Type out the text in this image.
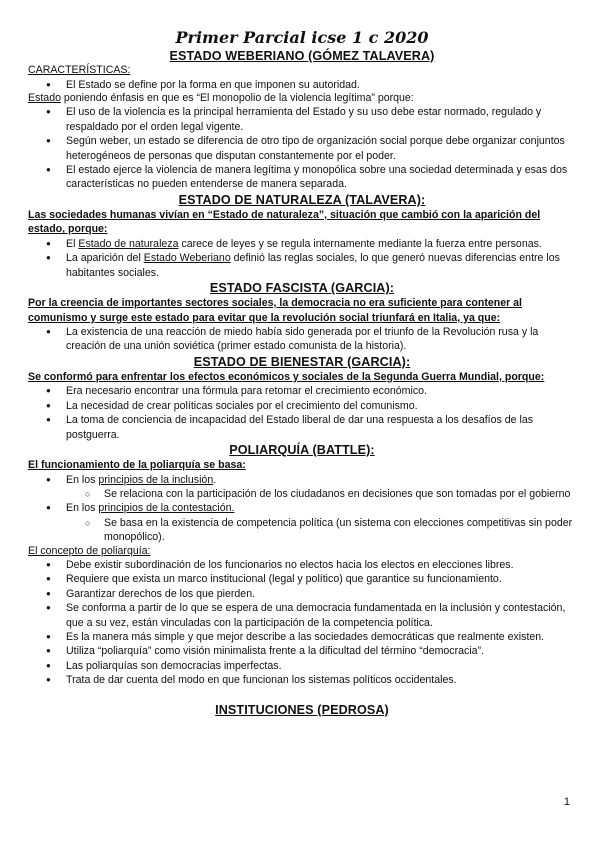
Primer Parcial icse 1 c 2020
ESTADO WEBERIANO (GÓMEZ TALAVERA)

CARACTERÍSTICAS:

● El Estado se define por la forma en que imponen su autoridad.

Estado poniendo énfasis en que es “El monopolio de la violencia legítima” porque:

● El uso de la violencia es la principal herramienta del Estado y su uso debe estar normado, regulado y respaldado por el orden legal vigente.
● Según weber, un estado se diferencia de otro tipo de organización social porque debe organizar conjuntos heterogéneos de personas que disputan constantemente por el poder.
● El estado ejerce la violencia de manera legítima y monopólica sobre una sociedad determinada y esas dos características no pueden entenderse de manera separada.
ESTADO DE NATURALEZA (TALAVERA):

Las sociedades humanas vivían en “Estado de naturaleza”, situación que cambió con la aparición del estado, porque:

● El Estado de naturaleza carece de leyes y se regula internamente mediante la fuerza entre personas.
● La aparición del Estado Weberiano definió las reglas sociales, lo que generó nuevas diferencias entre los habitantes sociales.
ESTADO FASCISTA (GARCIA):

Por la creencia de importantes sectores sociales, la democracia no era suficiente para contener al comunismo y surge este estado para evitar que la revolución social triunfará en Italia, ya que:

● La existencia de una reacción de miedo había sido generada por el triunfo de la Revolución rusa y la creación de una unión soviética (primer estado comunista de la historia).
ESTADO DE BIENESTAR (GARCIA):

Se conformó para enfrentar los efectos económicos y sociales de la Segunda Guerra Mundial, porque:

● Era necesario encontrar una fórmula para retomar el crecimiento económico.
● La necesidad de crear políticas sociales por el crecimiento del comunismo.
● La toma de conciencia de incapacidad del Estado liberal de dar una respuesta a los desafíos de las postguerra.
POLIARQUÍA (BATTLE):

El funcionamiento de la poliarquía se basa:

● En los principios de la inclusión.
○ Se relaciona con la participación de los ciudadanos en decisiones que son tomadas por el gobierno
● En los principios de la contestación.
○ Se basa en la existencia de competencia política (un sistema con elecciones competitivas sin poder monopólico).

El concepto de poliarquía:

● Debe existir subordinación de los funcionarios no electos hacia los electos en elecciones libres.
● Requiere que exista un marco institucional (legal y político) que garantice su funcionamiento.
● Garantizar derechos de los que pierden.
● Se conforma a partir de lo que se espera de una democracia fundamentada en la inclusión y contestación, que a su vez, están vinculadas con la participación de la competencia política.
● Es la manera más simple y que mejor describe a las sociedades democráticas que realmente existen.
● Utiliza “poliarquía” como visión minimalista frente a la dificultad del término “democracia”.
● Las poliarquías son democracias imperfectas.
● Trata de dar cuenta del modo en que funcionan los sistemas políticos occidentales.
INSTITUCIONES (PEDROSA)
1
